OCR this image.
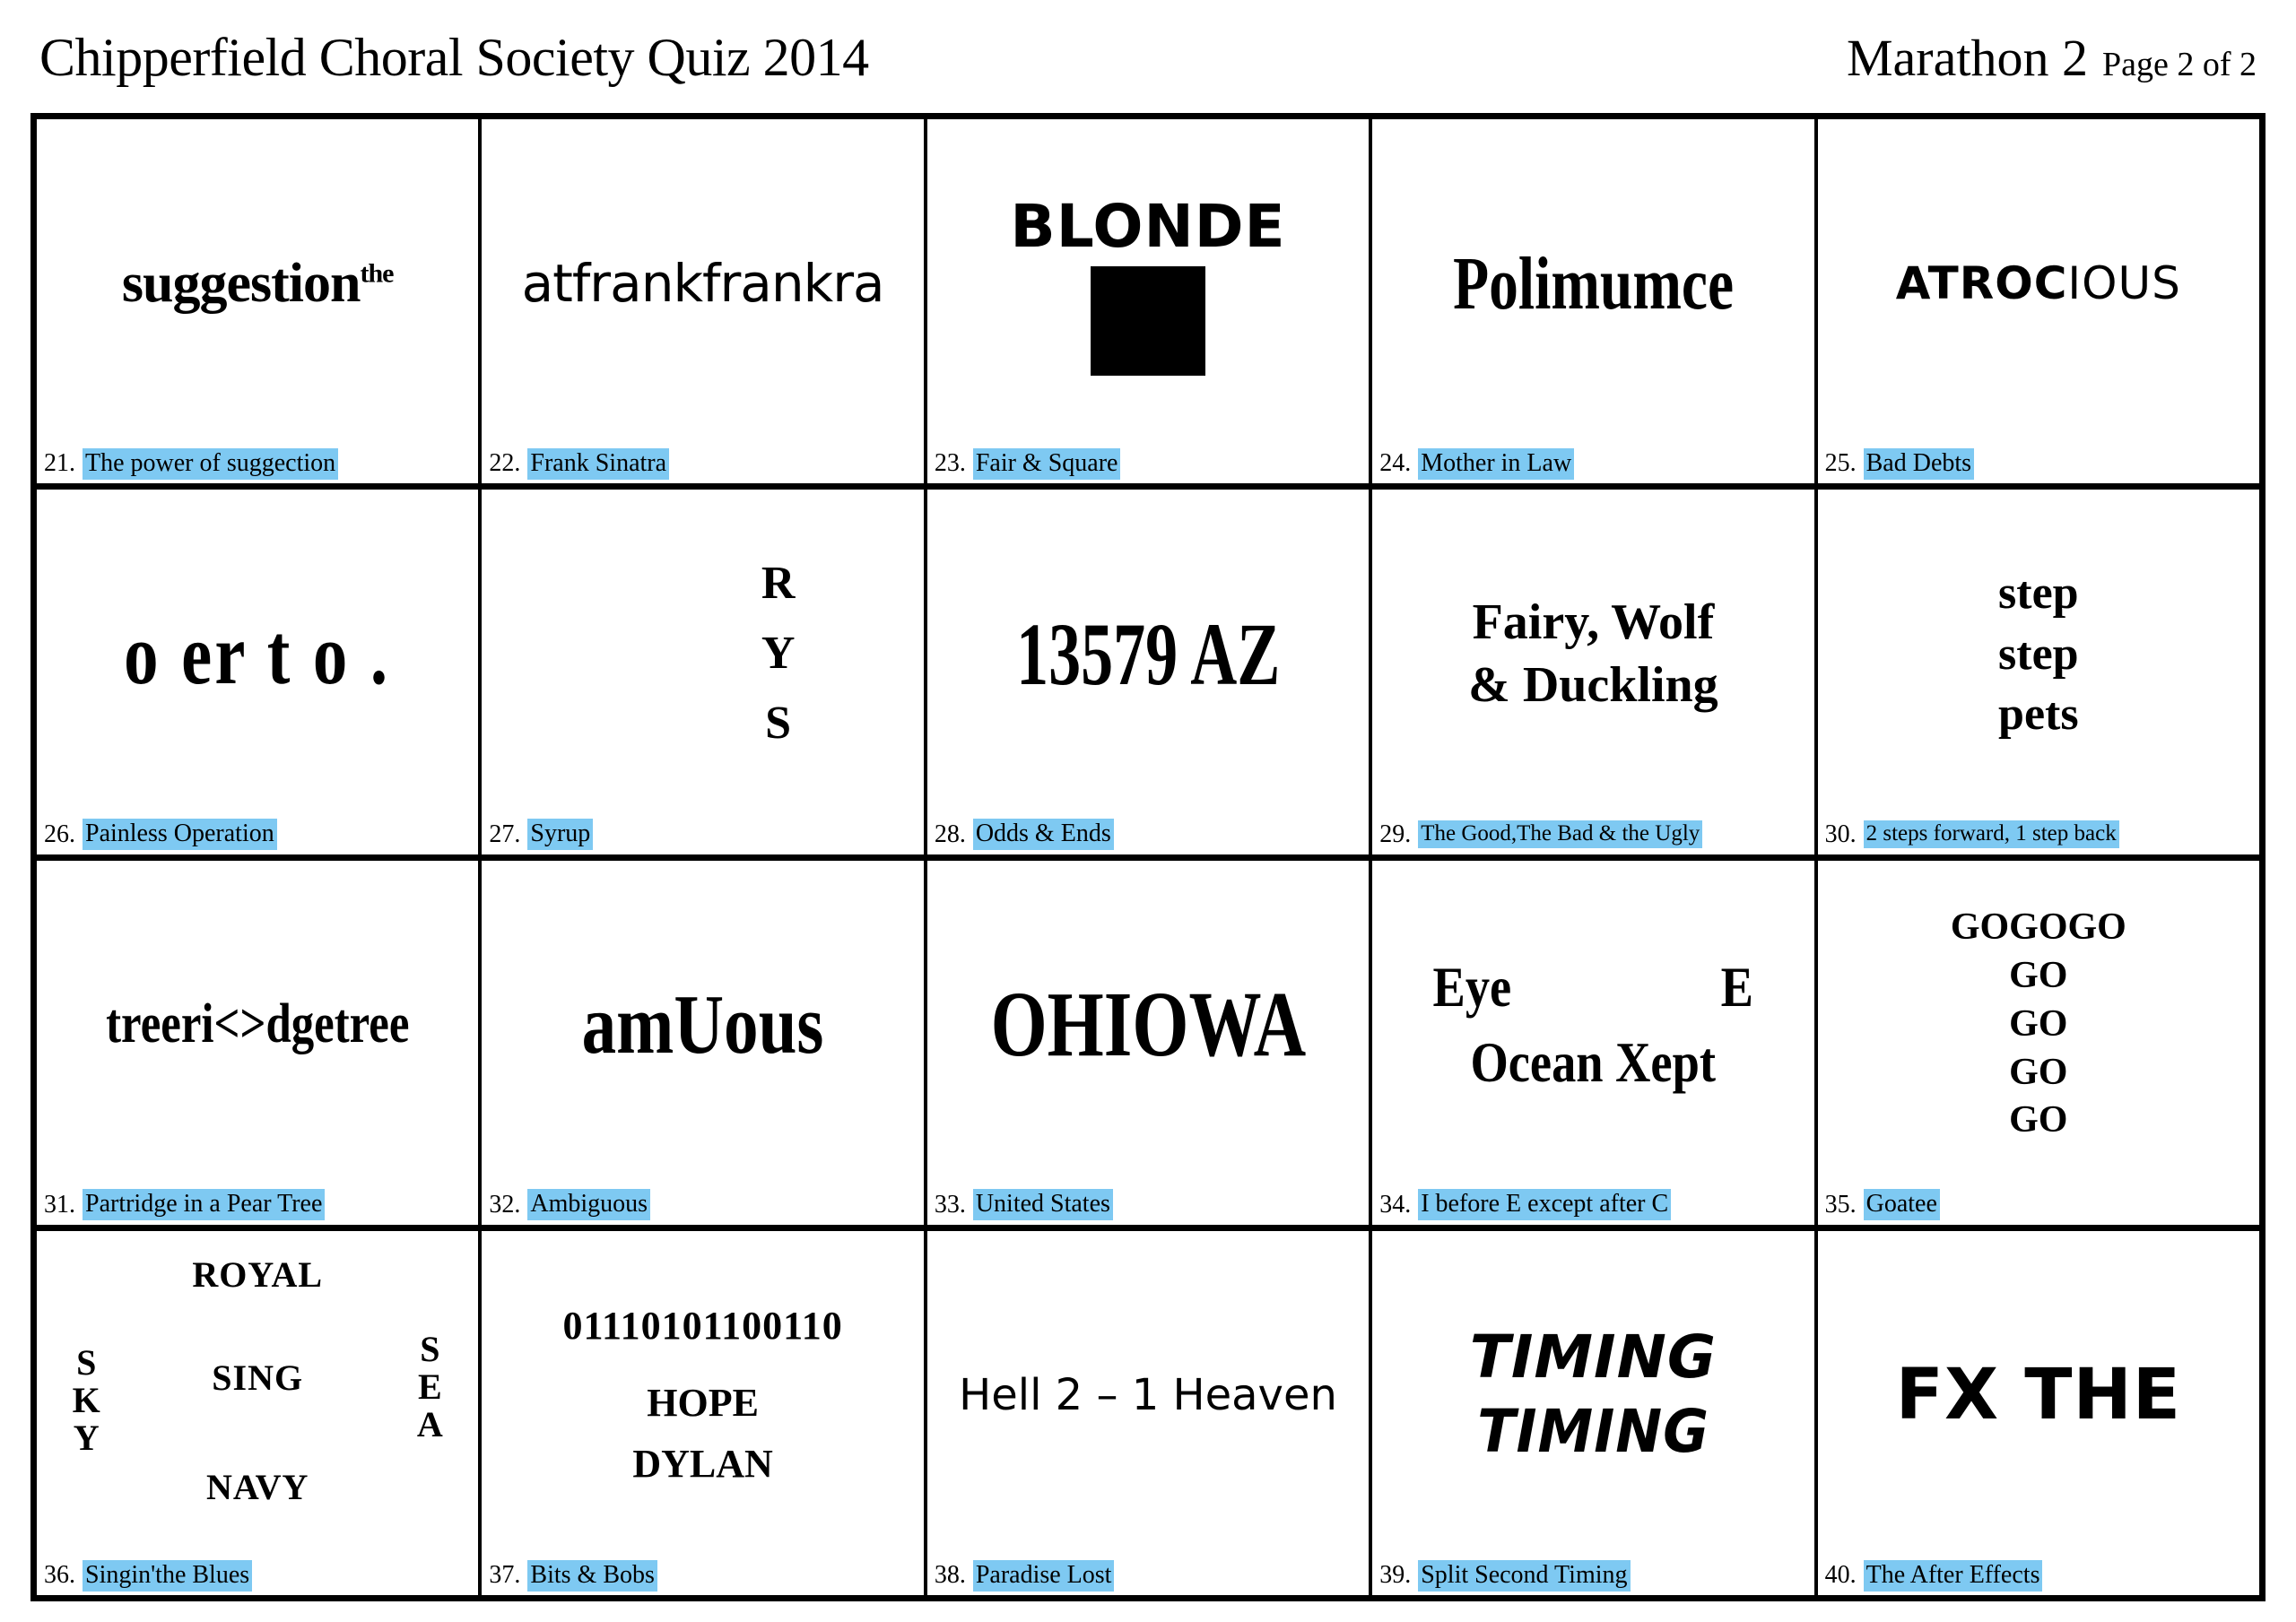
Chipperfield Choral Society Quiz 2014	Marathon 2 Page 2 of 2
suggestion$^{the}$
21. The power of suggection
atfrankfrankra
22. Frank Sinatra
BLONDE
23. Fair & Square
Polimumce
24. Mother in Law
ATROCIOUS
25. Bad Debts
o er t o .
26. Painless Operation
R
Y
S
27. Syrup
13579 AZ
28. Odds & Ends
Fairy, Wolf
& Duckling
29. The Good,The Bad & the Ugly
step
step
pets
30. 2 steps forward, 1 step back
treeri<>dgetree
31. Partridge in a Pear Tree
amUous
32. Ambiguous
OHIOWA
33. United States
Eye	E
Ocean Xept
34. I before E except after C
GOGOGO
GO
GO
GO
GO
35. Goatee
ROYAL
SING
NAVY
S
K
Y
S
E
A
36. Singin'the Blues
01110101100110
HOPE
DYLAN
37. Bits & Bobs
Hell 2 – 1 Heaven
38. Paradise Lost
TIMING
TIMING
39. Split Second Timing
FX THE
40. The After Effects
